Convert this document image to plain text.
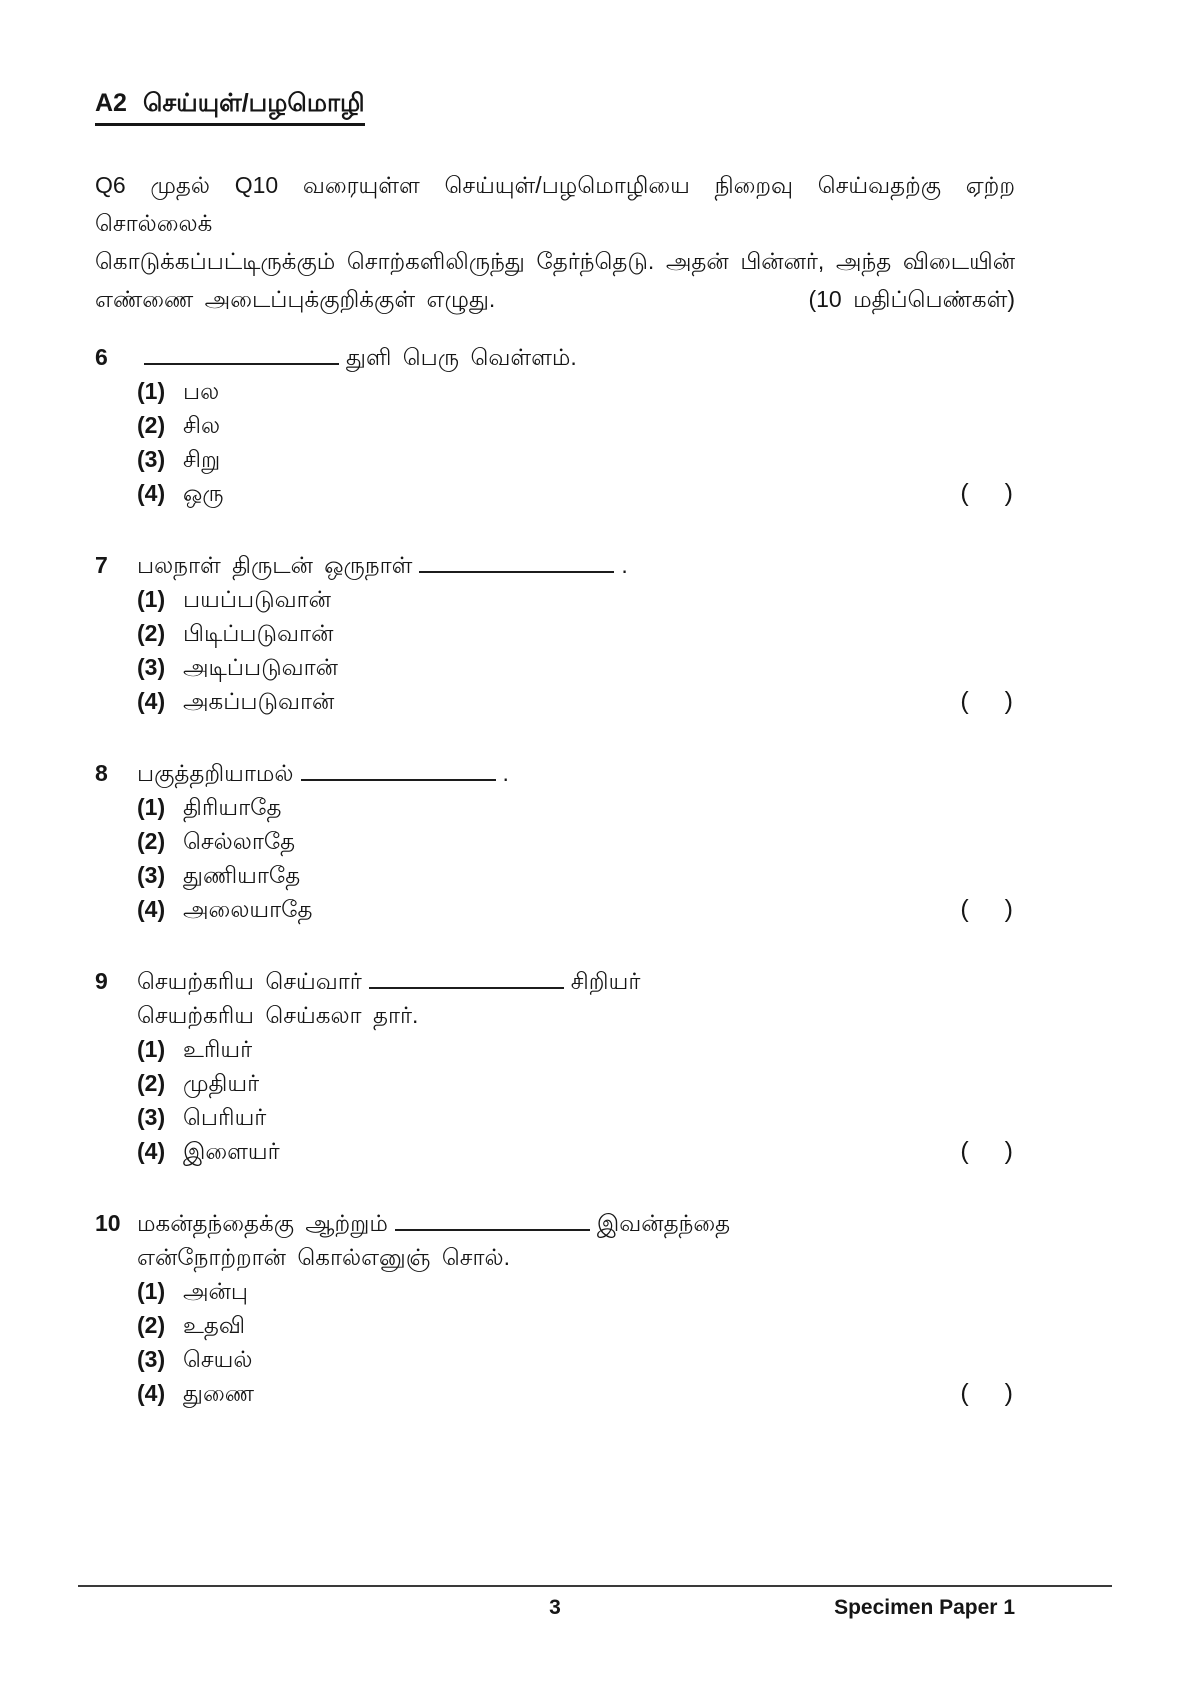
A2 செய்யுள்/பழமொழி
Q6 முதல் Q10 வரையுள்ள செய்யுள்/பழமொழியை நிறைவு செய்வதற்கு ஏற்ற சொல்லைக்
கொடுக்கப்பட்டிருக்கும் சொற்களிலிருந்து தேர்ந்தெடு. அதன் பின்னர், அந்த விடையின்
எண்ணை அடைப்புக்குறிக்குள் எழுது.	(10 மதிப்பெண்கள்)
6	துளி பெரு வெள்ளம்.
(1) பல
(2) சில
(3) சிறு
(4) ஒரு	( )
7	பலநாள் திருடன் ஒருநாள்	.
(1) பயப்படுவான்
(2) பிடிப்படுவான்
(3) அடிப்படுவான்
(4) அகப்படுவான்	( )
8	பகுத்தறியாமல்	.
(1) திரியாதே
(2) செல்லாதே
(3) துணியாதே
(4) அலையாதே	( )
9	செயற்கரிய செய்வார்	சிறியர்
செயற்கரிய செய்கலா தார்.
(1) உரியர்
(2) முதியர்
(3) பெரியர்
(4) இளையர்	( )
10 மகன்தந்தைக்கு ஆற்றும்	இவன்தந்தை
என்நோற்றான் கொல்எனுஞ் சொல்.
(1) அன்பு
(2) உதவி
(3) செயல்
(4) துணை	( )
3	Specimen Paper 1
